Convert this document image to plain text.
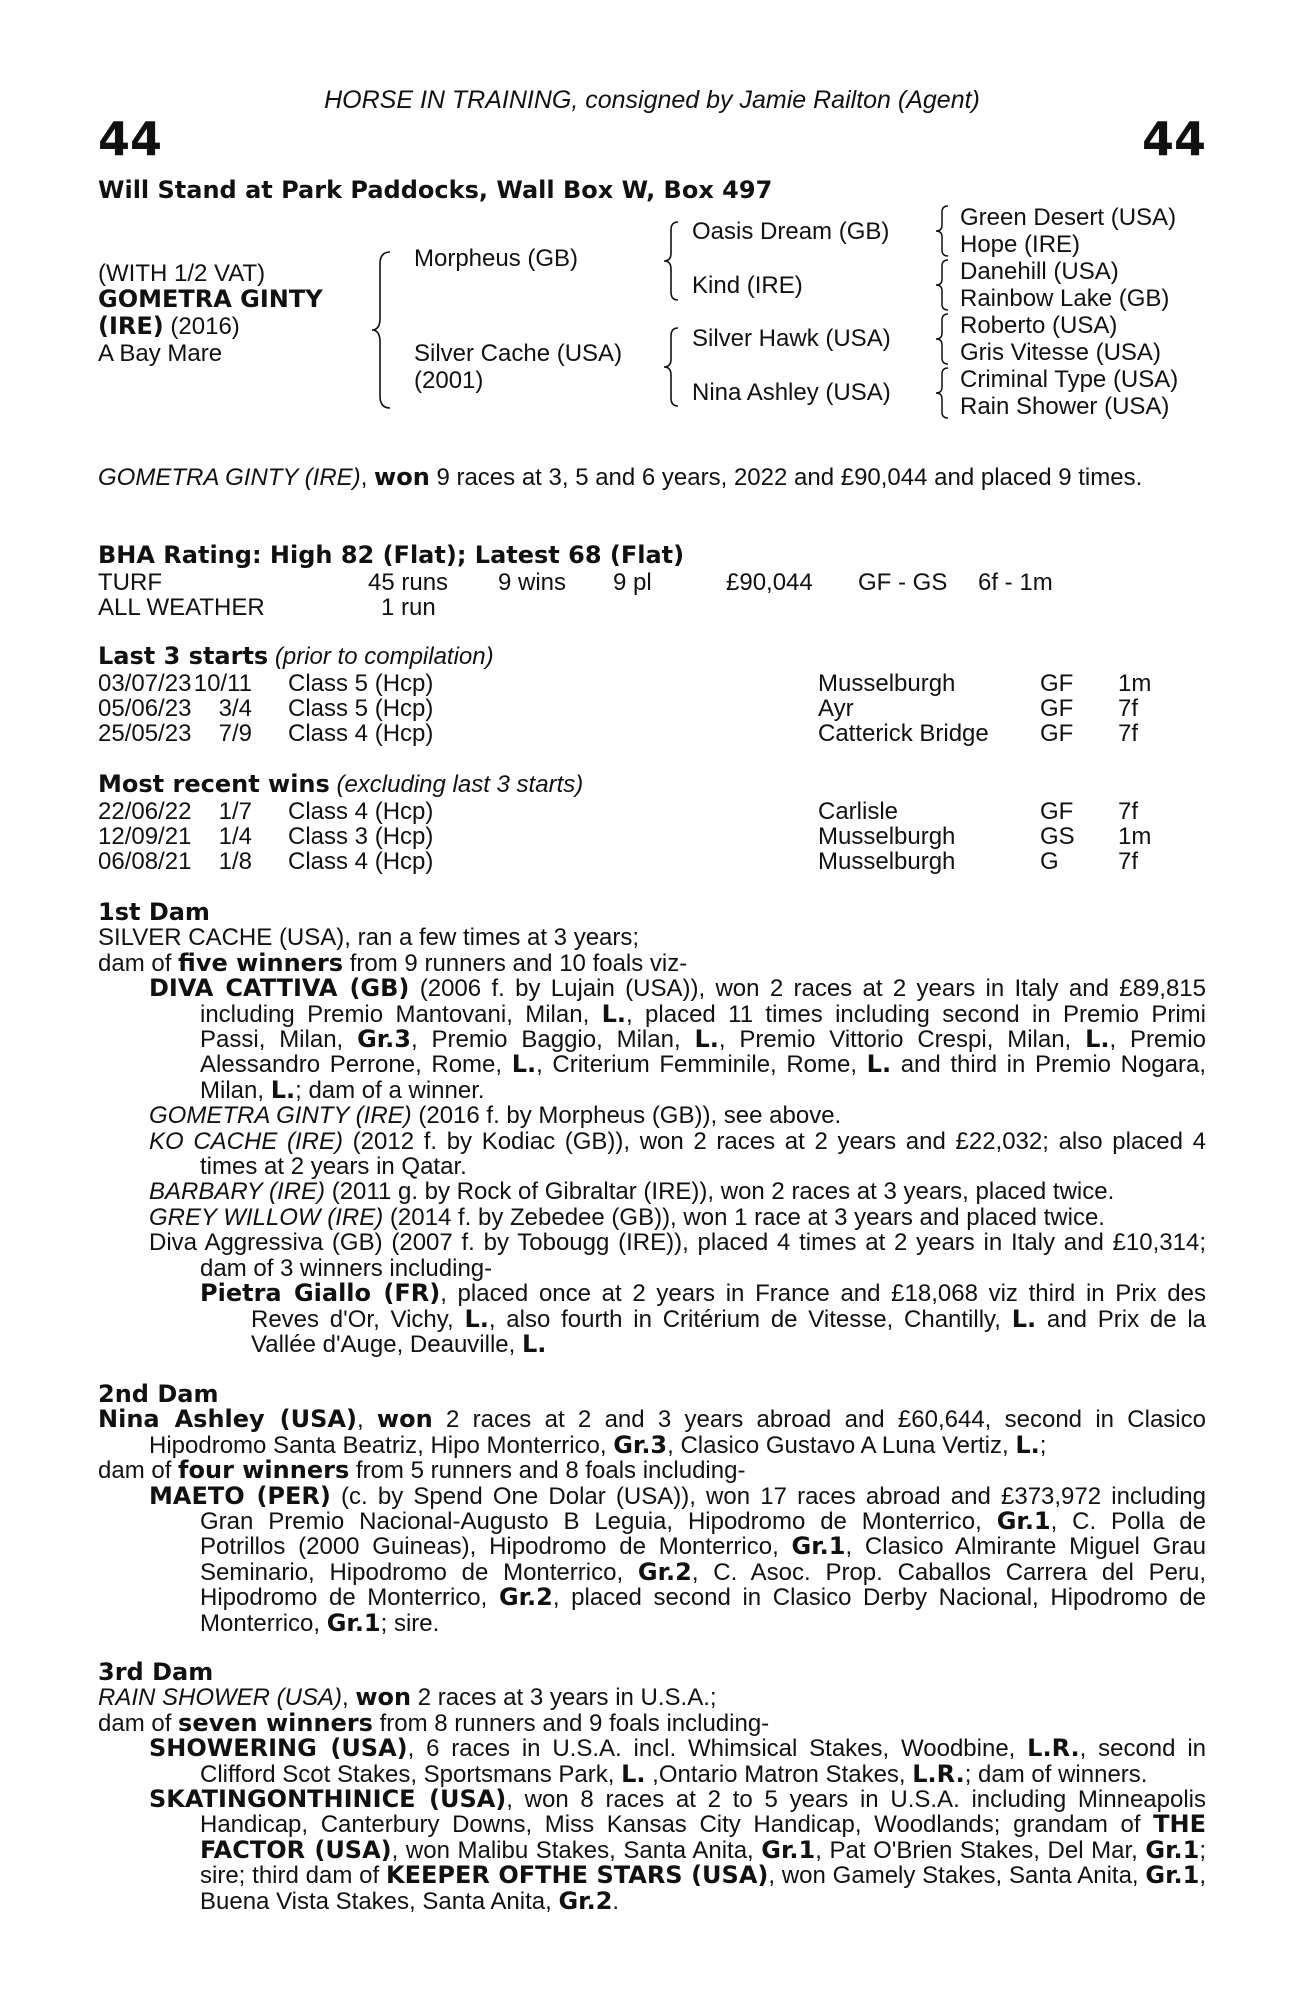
HORSE IN TRAINING, consigned by Jamie Railton (Agent)
44	44
Will Stand at Park Paddocks, Wall Box W, Box 497
(WITH 1/2 VAT)
GOMETRA GINTY
(IRE) (2016)
A Bay Mare
Morpheus (GB)
Silver Cache (USA)
(2001)
Oasis Dream (GB)
Kind (IRE)
Silver Hawk (USA)
Nina Ashley (USA)
Green Desert (USA)
Hope (IRE)
Danehill (USA)
Rainbow Lake (GB)
Roberto (USA)
Gris Vitesse (USA)
Criminal Type (USA)
Rain Shower (USA)
GOMETRA GINTY (IRE), won 9 races at 3, 5 and 6 years, 2022 and £90,044 and placed 9 times.
BHA Rating: High 82 (Flat); Latest 68 (Flat)
TURF	45 runs 9 wins 9 pl	£90,044 GF - GS 6f - 1m
ALL WEATHER	1 run
Last 3 starts (prior to compilation)
03/07/23 10/11 Class 5 (Hcp)	Musselburgh	GF 1m
05/06/23	3/4 Class 5 (Hcp)	Ayr	GF 7f
25/05/23	7/9 Class 4 (Hcp)	Catterick Bridge GF 7f
Most recent wins (excluding last 3 starts)
22/06/22	1/7 Class 4 (Hcp)	Carlisle	GF 7f
12/09/21	1/4 Class 3 (Hcp)	Musselburgh	GS 1m
06/08/21	1/8 Class 4 (Hcp)	Musselburgh	G 7f

1st Dam

SILVER CACHE (USA), ran a few times at 3 years;

dam of five winners from 9 runners and 10 foals viz-

DIVA CATTIVA (GB) (2006 f. by Lujain (USA)), won 2 races at 2 years in Italy and £89,815 including Premio Mantovani, Milan, L., placed 11 times including second in Premio Primi Passi, Milan, Gr.3, Premio Baggio, Milan, L., Premio Vittorio Crespi, Milan, L., Premio Alessandro Perrone, Rome, L., Criterium Femminile, Rome, L. and third in Premio Nogara, Milan, L.; dam of a winner.

GOMETRA GINTY (IRE) (2016 f. by Morpheus (GB)), see above.

KO CACHE (IRE) (2012 f. by Kodiac (GB)), won 2 races at 2 years and £22,032; also placed 4 times at 2 years in Qatar.

BARBARY (IRE) (2011 g. by Rock of Gibraltar (IRE)), won 2 races at 3 years, placed twice.

GREY WILLOW (IRE) (2014 f. by Zebedee (GB)), won 1 race at 3 years and placed twice.

Diva Aggressiva (GB) (2007 f. by Tobougg (IRE)), placed 4 times at 2 years in Italy and £10,314; dam of 3 winners including-

Pietra Giallo (FR), placed once at 2 years in France and £18,068 viz third in Prix des Reves d'Or, Vichy, L., also fourth in Critérium de Vitesse, Chantilly, L. and Prix de la Vallée d'Auge, Deauville, L.

2nd Dam

Nina Ashley (USA), won 2 races at 2 and 3 years abroad and £60,644, second in Clasico Hipodromo Santa Beatriz, Hipo Monterrico, Gr.3, Clasico Gustavo A Luna Vertiz, L.;

dam of four winners from 5 runners and 8 foals including-

MAETO (PER) (c. by Spend One Dolar (USA)), won 17 races abroad and £373,972 including Gran Premio Nacional-Augusto B Leguia, Hipodromo de Monterrico, Gr.1, C. Polla de Potrillos (2000 Guineas), Hipodromo de Monterrico, Gr.1, Clasico Almirante Miguel Grau Seminario, Hipodromo de Monterrico, Gr.2, C. Asoc. Prop. Caballos Carrera del Peru, Hipodromo de Monterrico, Gr.2, placed second in Clasico Derby Nacional, Hipodromo de Monterrico, Gr.1; sire.

3rd Dam

RAIN SHOWER (USA), won 2 races at 3 years in U.S.A.;

dam of seven winners from 8 runners and 9 foals including-

SHOWERING (USA), 6 races in U.S.A. incl. Whimsical Stakes, Woodbine, L.R., second in Clifford Scot Stakes, Sportsmans Park, L. ,Ontario Matron Stakes, L.R.; dam of winners.

SKATINGONTHINICE (USA), won 8 races at 2 to 5 years in U.S.A. including Minneapolis Handicap, Canterbury Downs, Miss Kansas City Handicap, Woodlands; grandam of THE FACTOR (USA), won Malibu Stakes, Santa Anita, Gr.1, Pat O'Brien Stakes, Del Mar, Gr.1; sire; third dam of KEEPER OFTHE STARS (USA), won Gamely Stakes, Santa Anita, Gr.1, Buena Vista Stakes, Santa Anita, Gr.2.
